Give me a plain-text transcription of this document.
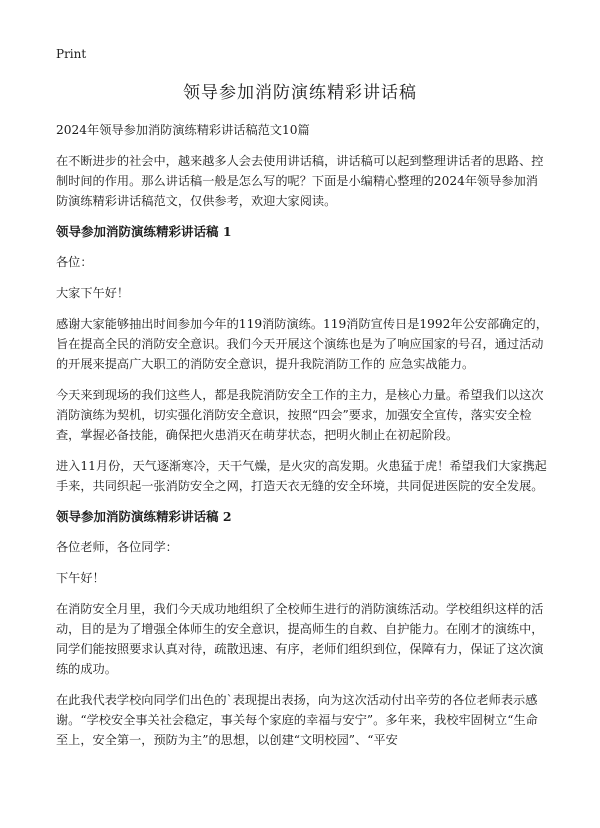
Print
领导参加消防演练精彩讲话稿

2024年领导参加消防演练精彩讲话稿范文10篇

在不断进步的社会中，越来越多人会去使用讲话稿，讲话稿可以起到整理讲话者的思路、控制时间的作用。那么讲话稿一般是怎么写的呢？下面是小编精心整理的2024年领导参加消防演练精彩讲话稿范文，仅供参考，欢迎大家阅读。

领导参加消防演练精彩讲话稿 1

各位：

大家下午好！

感谢大家能够抽出时间参加今年的119消防演练。119消防宣传日是1992年公安部确定的，旨在提高全民的消防安全意识。我们今天开展这个演练也是为了响应国家的号召，通过活动的开展来提高广大职工的消防安全意识，提升我院消防工作的 应急实战能力。

今天来到现场的我们这些人，都是我院消防安全工作的主力，是核心力量。希望我们以这次消防演练为契机，切实强化消防安全意识，按照“四会”要求，加强安全宣传，落实安全检查，掌握必备技能，确保把火患消灭在萌芽状态，把明火制止在初起阶段。

进入11月份，天气逐渐寒冷，天干气燥，是火灾的高发期。火患猛于虎！希望我们大家携起手来，共同织起一张消防安全之网，打造天衣无缝的安全环境，共同促进医院的安全发展。

领导参加消防演练精彩讲话稿 2

各位老师，各位同学：

下午好！

在消防安全月里，我们今天成功地组织了全校师生进行的消防演练活动。学校组织这样的活动，目的是为了增强全体师生的安全意识，提高师生的自救、自护能力。在刚才的演练中，同学们能按照要求认真对待，疏散迅速、有序，老师们组织到位，保障有力，保证了这次演练的成功。

在此我代表学校向同学们出色的`表现提出表扬，向为这次活动付出辛劳的各位老师表示感谢。“学校安全事关社会稳定，事关每个家庭的幸福与安宁”。多年来，我校牢固树立“生命至上，安全第一，预防为主”的思想，以创建“文明校园”、“平安
